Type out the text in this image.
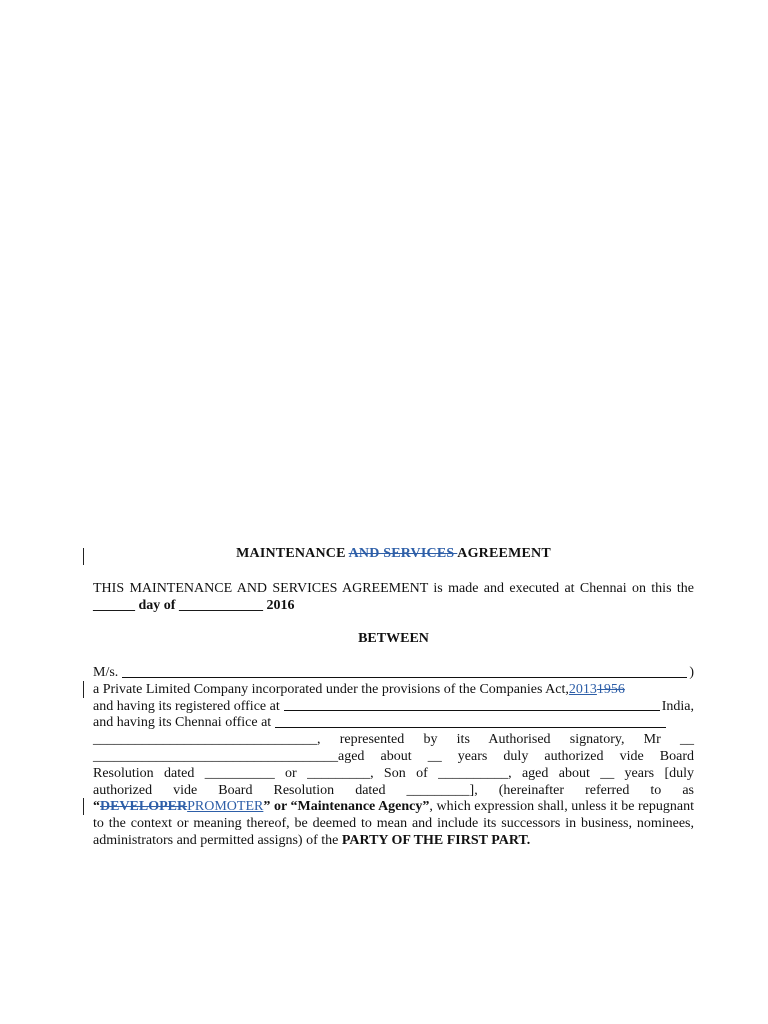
MAINTENANCE AND SERVICES AGREEMENT
THIS MAINTENANCE AND SERVICES AGREEMENT is made and executed at Chennai on this the ______ day of ____________ 2016
BETWEEN
M/s.	)
a Private Limited Company incorporated under the provisions of the Companies Act, 2013 1956
and having its registered office at	India,
and having its Chennai office at
________________________________, represented by its Authorised signatory, Mr __
___________________________________aged about __ years duly authorized vide Board
Resolution dated __________ or _________, Son of __________, aged about __ years [duly
authorized vide Board Resolution dated _________], (hereinafter referred to as
“DEVELOPERPROMOTER” or “Maintenance Agency”, which expression shall, unless it be repugnant to the context or meaning thereof, be deemed to mean and include its successors in business, nominees, administrators and permitted assigns) of the PARTY OF THE FIRST PART.
